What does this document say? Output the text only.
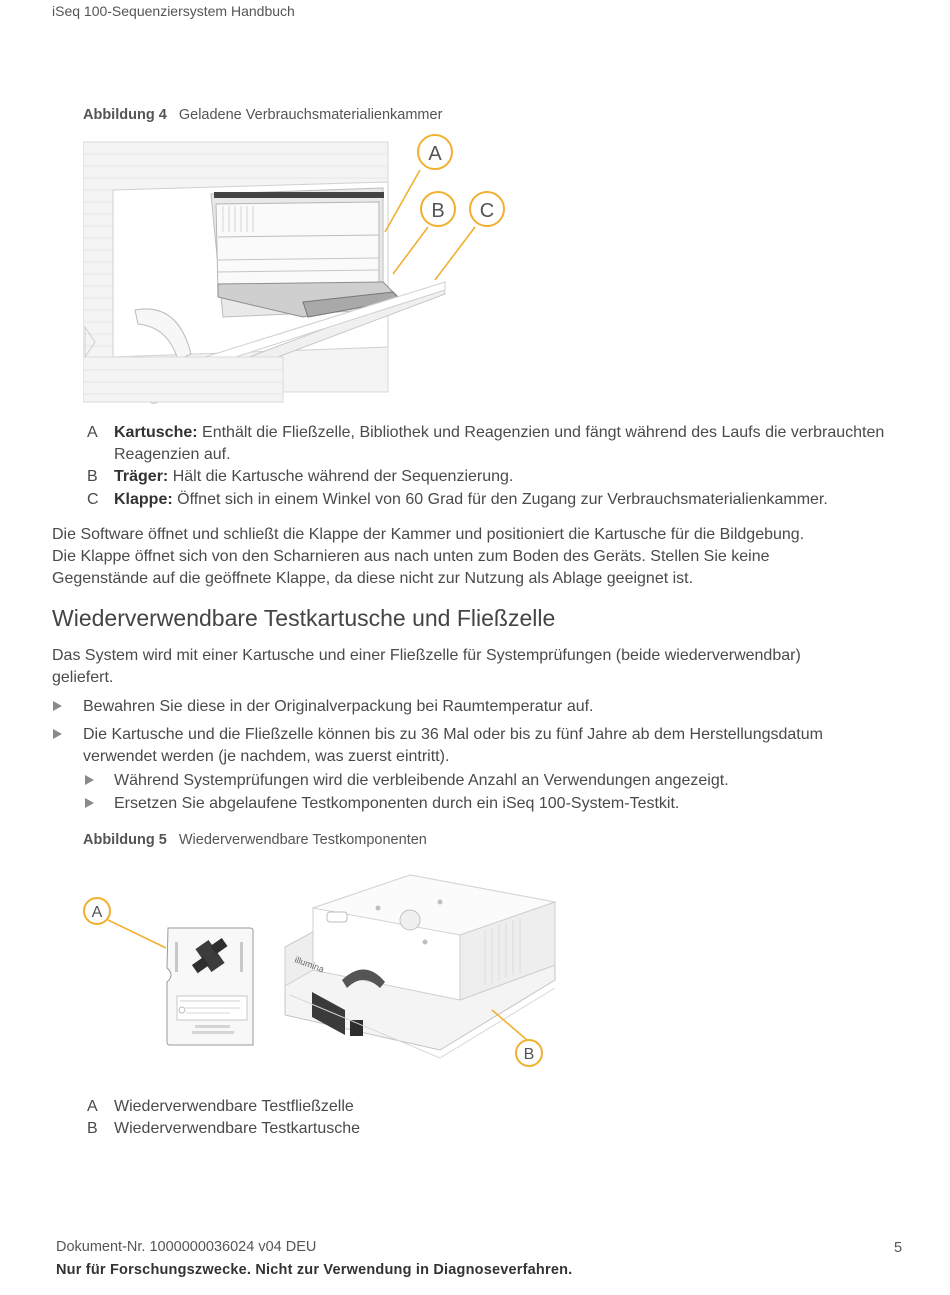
iSeq 100-Sequenziersystem Handbuch
Abbildung 4 Geladene Verbrauchsmaterialienkammer
A
B C
A Kartusche: Enthält die Fließzelle, Bibliothek und Reagenzien und fängt während des Laufs die verbrauchten
Reagenzien auf.
B Träger: Hält die Kartusche während der Sequenzierung.
C Klappe: Öffnet sich in einem Winkel von 60 Grad für den Zugang zur Verbrauchsmaterialienkammer.
Die Software öffnet und schließt die Klappe der Kammer und positioniert die Kartusche für die Bildgebung.
Die Klappe öffnet sich von den Scharnieren aus nach unten zum Boden des Geräts. Stellen Sie keine
Gegenstände auf die geöffnete Klappe, da diese nicht zur Nutzung als Ablage geeignet ist.
Wiederverwendbare Testkartusche und Fließzelle
Das System wird mit einer Kartusche und einer Fließzelle für Systemprüfungen (beide wiederverwendbar)
geliefert.
Bewahren Sie diese in der Originalverpackung bei Raumtemperatur auf.
Die Kartusche und die Fließzelle können bis zu 36 Mal oder bis zu fünf Jahre ab dem Herstellungsdatum
verwendet werden (je nachdem, was zuerst eintritt).
Während Systemprüfungen wird die verbleibende Anzahl an Verwendungen angezeigt.
Ersetzen Sie abgelaufene Testkomponenten durch ein iSeq 100-System-Testkit.
Abbildung 5 Wiederverwendbare Testkomponenten
illumina
A
B
A Wiederverwendbare Testfließzelle
B Wiederverwendbare Testkartusche
Dokument-Nr. 1000000036024 v04 DEU
Nur für Forschungszwecke. Nicht zur Verwendung in Diagnoseverfahren.
5
